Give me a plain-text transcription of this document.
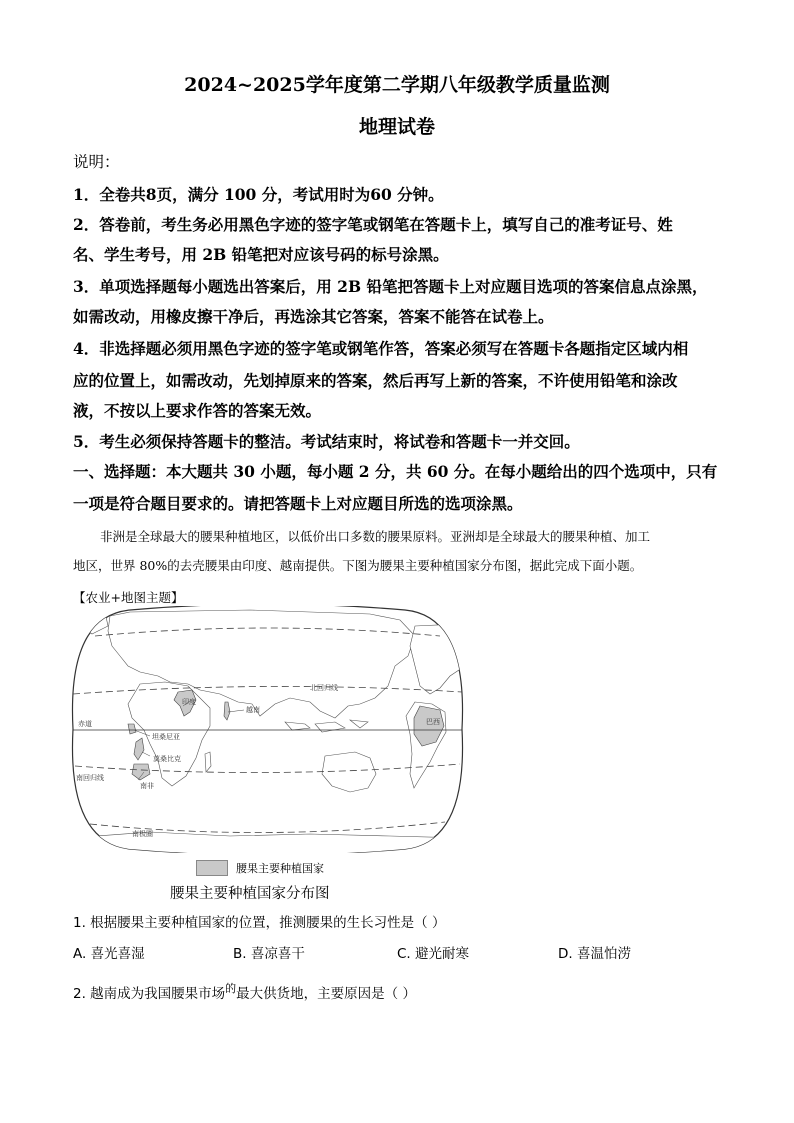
2024~2025学年度第二学期八年级教学质量监测
地理试卷
说明：
1．全卷共8页，满分 100 分，考试用时为60 分钟。
2．答卷前，考生务必用黑色字迹的签字笔或钢笔在答题卡上，填写自己的准考证号、姓
名、学生考号，用 2B 铅笔把对应该号码的标号涂黑。
3．单项选择题每小题选出答案后，用 2B 铅笔把答题卡上对应题目选项的答案信息点涂黑，
如需改动，用橡皮擦干净后，再选涂其它答案，答案不能答在试卷上。
4．非选择题必须用黑色字迹的签字笔或钢笔作答，答案必须写在答题卡各题指定区域内相
应的位置上，如需改动，先划掉原来的答案，然后再写上新的答案，不许使用铅笔和涂改
液，不按以上要求作答的答案无效。
5．考生必须保持答题卡的整洁。考试结束时，将试卷和答题卡一并交回。
一、选择题：本大题共 30 小题，每小题 2 分，共 60 分。在每小题给出的四个选项中，只有
一项是符合题目要求的。请把答题卡上对应题目所选的选项涂黑。
非洲是全球最大的腰果种植地区，以低价出口多数的腰果原料。亚洲却是全球最大的腰果种植、加工
地区，世界 80%的去壳腰果由印度、越南提供。下图为腰果主要种植国家分布图，据此完成下面小题。
【农业+地图主题】
北回归线
赤道
南回归线
南极圈
印度
越南
坦桑尼亚
莫桑比克
南非
巴西
腰果主要种植国家
腰果主要种植国家分布图
1. 根据腰果主要种植国家的位置，推测腰果的生长习性是（ ）
A. 喜光喜湿	B. 喜凉喜干	C. 避光耐寒	D. 喜温怕涝
2. 越南成为我国腰果市场$^的$最大供货地，主要原因是（ ）
